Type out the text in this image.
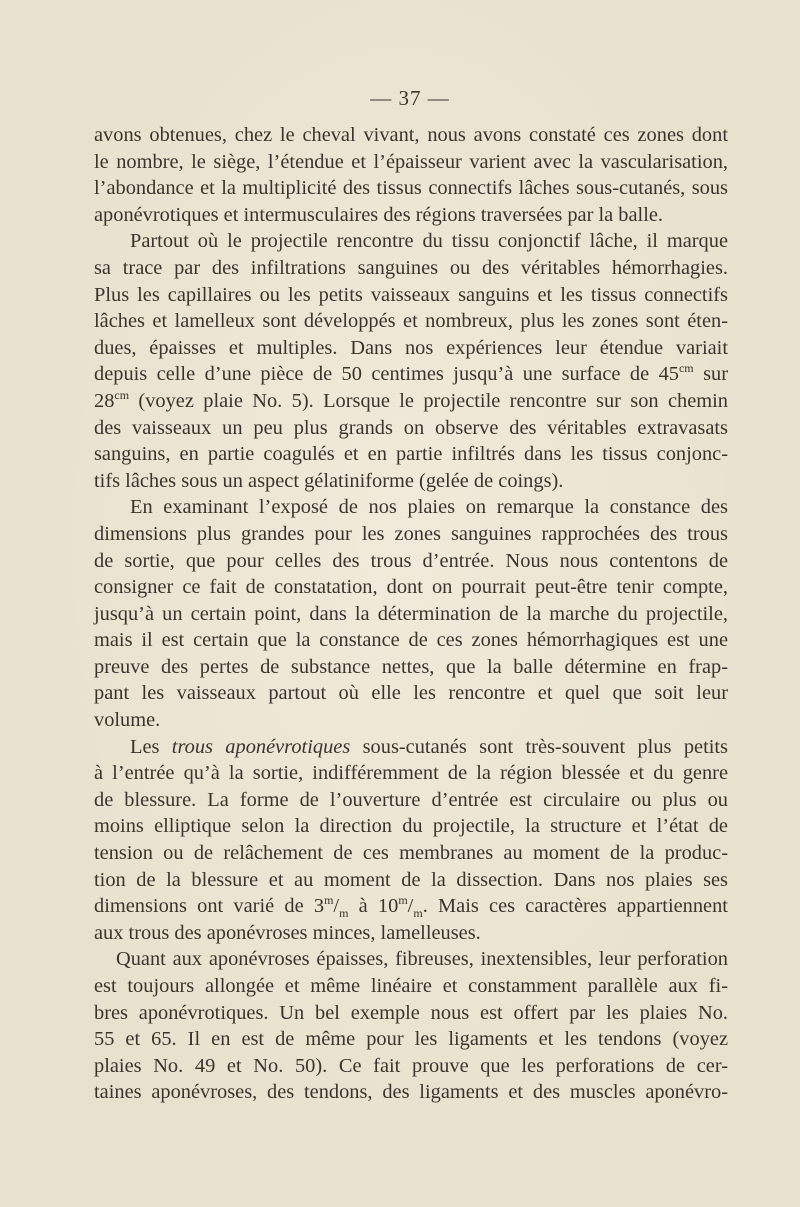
— 37 —
avons obtenues, chez le cheval vivant, nous avons constaté ces zones dont
le nombre, le siège, l’étendue et l’épaisseur varient avec la vascularisation,
l’abondance et la multiplicité des tissus connectifs lâches sous-cutanés, sous
aponévrotiques et intermusculaires des régions traversées par la balle.
Partout où le projectile rencontre du tissu conjonctif lâche, il marque
sa trace par des infiltrations sanguines ou des véritables hémorrhagies.
Plus les capillaires ou les petits vaisseaux sanguins et les tissus connectifs
lâches et lamelleux sont développés et nombreux, plus les zones sont éten-
dues, épaisses et multiples. Dans nos expériences leur étendue variait
depuis celle d’une pièce de 50 centimes jusqu’à une surface de $45^{cm}$ sur
$28^{cm}$ (voyez plaie No. 5). Lorsque le projectile rencontre sur son chemin
des vaisseaux un peu plus grands on observe des véritables extravasats
sanguins, en partie coagulés et en partie infiltrés dans les tissus conjonc-
tifs lâches sous un aspect gélatiniforme (gelée de coings).
En examinant l’exposé de nos plaies on remarque la constance des
dimensions plus grandes pour les zones sanguines rapprochées des trous
de sortie, que pour celles des trous d’entrée. Nous nous contentons de
consigner ce fait de constatation, dont on pourrait peut-être tenir compte,
jusqu’à un certain point, dans la détermination de la marche du projectile,
mais il est certain que la constance de ces zones hémorrhagiques est une
preuve des pertes de substance nettes, que la balle détermine en frap-
pant les vaisseaux partout où elle les rencontre et quel que soit leur
volume.
Les trous aponévrotiques sous-cutanés sont très-souvent plus petits
à l’entrée qu’à la sortie, indifféremment de la région blessée et du genre
de blessure. La forme de l’ouverture d’entrée est circulaire ou plus ou
moins elliptique selon la direction du projectile, la structure et l’état de
tension ou de relâchement de ces membranes au moment de la produc-
tion de la blessure et au moment de la dissection. Dans nos plaies ses
dimensions ont varié de $3^m/_m$ à $10^m/_m$. Mais ces caractères appartiennent
aux trous des aponévroses minces, lamelleuses.
Quant aux aponévroses épaisses, fibreuses, inextensibles, leur perforation
est toujours allongée et même linéaire et constamment parallèle aux fi-
bres aponévrotiques. Un bel exemple nous est offert par les plaies No.
55 et 65. Il en est de même pour les ligaments et les tendons (voyez
plaies No. 49 et No. 50). Ce fait prouve que les perforations de cer-
taines aponévroses, des tendons, des ligaments et des muscles aponévro-
